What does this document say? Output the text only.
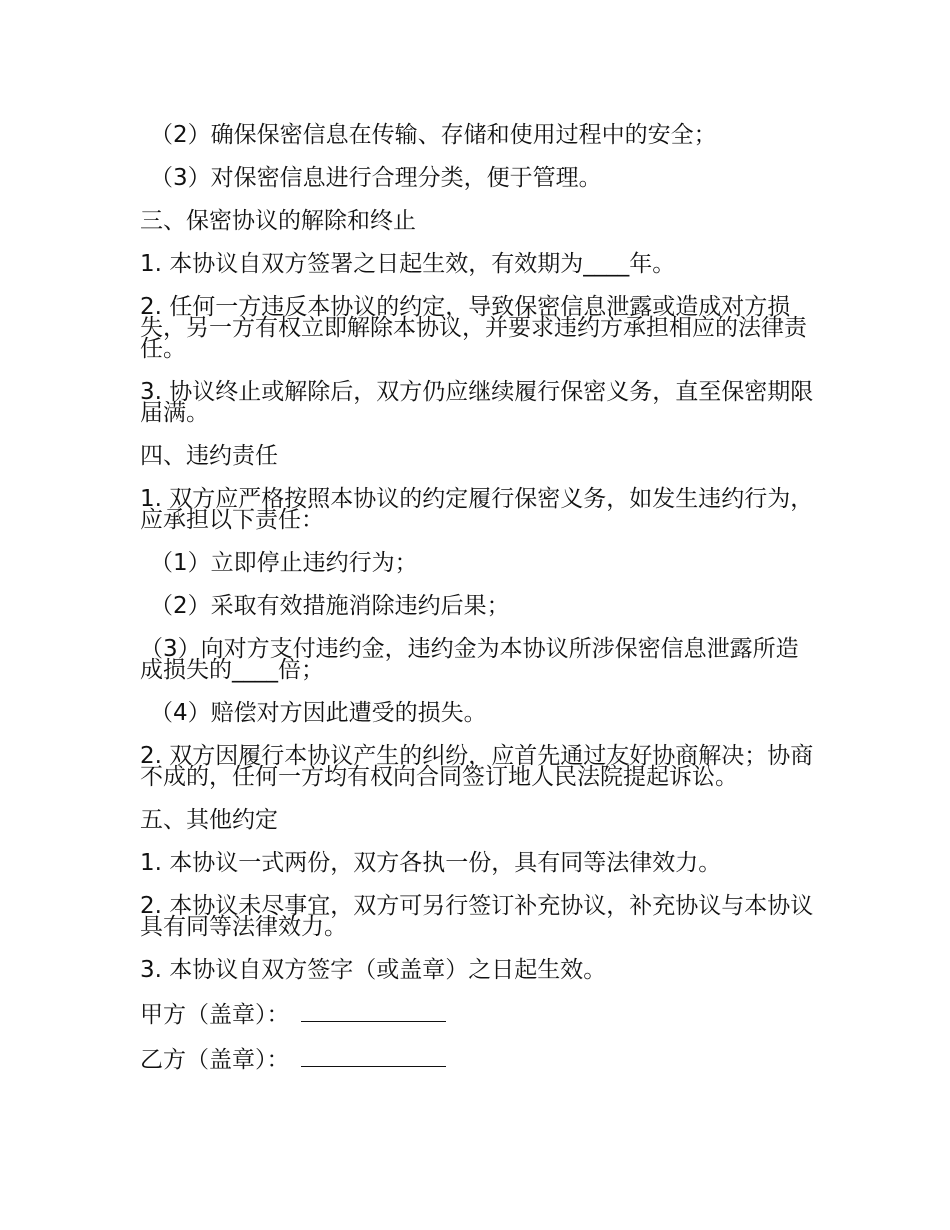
（2）确保保密信息在传输、存储和使用过程中的安全；

（3）对保密信息进行合理分类，便于管理。

三、保密协议的解除和终止

1. 本协议自双方签署之日起生效，有效期为____年。

2. 任何一方违反本协议的约定，导致保密信息泄露或造成对方损失，另一方有权立即解除本协议，并要求违约方承担相应的法律责任。

3. 协议终止或解除后，双方仍应继续履行保密义务，直至保密期限届满。

四、违约责任

1. 双方应严格按照本协议的约定履行保密义务，如发生违约行为，应承担以下责任：

（1）立即停止违约行为；

（2）采取有效措施消除违约后果；

（3）向对方支付违约金，违约金为本协议所涉保密信息泄露所造成损失的____倍；

（4）赔偿对方因此遭受的损失。

2. 双方因履行本协议产生的纠纷，应首先通过友好协商解决；协商不成的，任何一方均有权向合同签订地人民法院提起诉讼。

五、其他约定

1. 本协议一式两份，双方各执一份，具有同等法律效力。

2. 本协议未尽事宜，双方可另行签订补充协议，补充协议与本协议具有同等法律效力。

3. 本协议自双方签字（或盖章）之日起生效。

甲方（盖章）：
乙方（盖章）：
